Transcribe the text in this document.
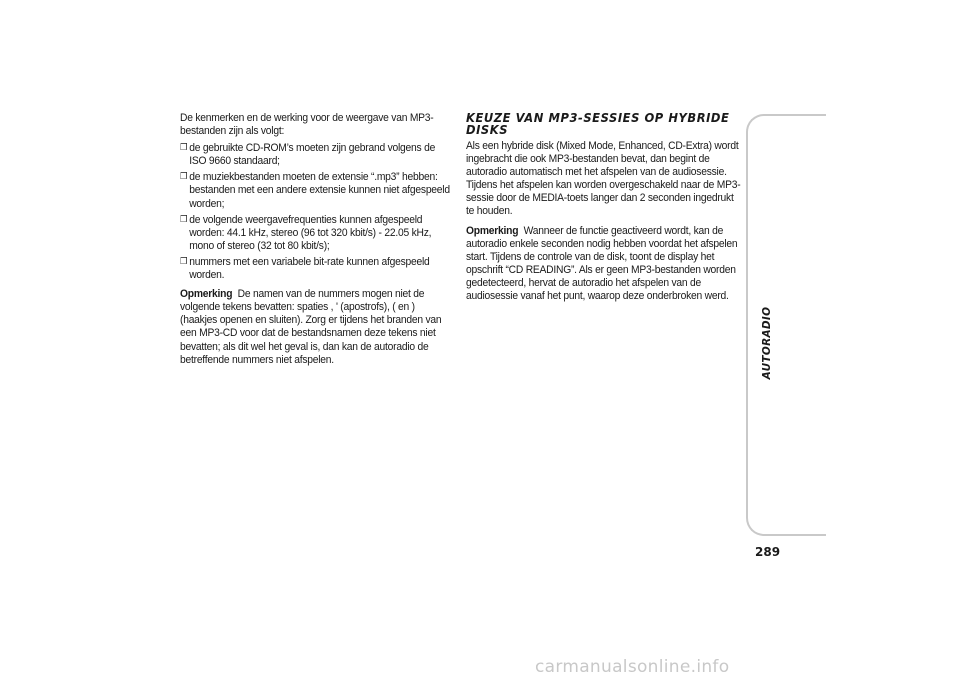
De kenmerken en de werking voor de weergave van MP3-bestanden zijn als volgt:

❒ de gebruikte CD-ROM’s moeten zijn gebrand volgens de ISO 9660 standaard;
❒ de muziekbestanden moeten de extensie “.mp3” hebben: bestanden met een andere extensie kunnen niet afgespeeld worden;
❒ de volgende weergavefrequenties kunnen afgespeeld worden: 44.1 kHz, stereo (96 tot 320 kbit/s) - 22.05 kHz, mono of stereo (32 tot 80 kbit/s);
❒ nummers met een variabele bit-rate kunnen afgespeeld worden.

Opmerking De namen van de nummers mogen niet de volgende tekens bevatten: spaties , ' (apostrofs), ( en ) (haakjes openen en sluiten). Zorg er tijdens het branden van een MP3-CD voor dat de bestandsnamen deze tekens niet bevatten; als dit wel het geval is, dan kan de autoradio de betreffende nummers niet afspelen.

KEUZE VAN MP3-SESSIES OP HYBRIDE DISKS

Als een hybride disk (Mixed Mode, Enhanced, CD-Extra) wordt ingebracht die ook MP3-bestanden bevat, dan begint de autoradio automatisch met het afspelen van de audiosessie. Tijdens het afspelen kan worden overgeschakeld naar de MP3-sessie door de MEDIA-toets langer dan 2 seconden ingedrukt te houden.

Opmerking Wanneer de functie geactiveerd wordt, kan de autoradio enkele seconden nodig hebben voordat het afspelen start. Tijdens de controle van de disk, toont de display het opschrift “CD READING”. Als er geen MP3-bestanden worden gedetecteerd, hervat de autoradio het afspelen van de audiosessie vanaf het punt, waarop deze onderbroken werd.

AUTORADIO
289
carmanualsonline.info
